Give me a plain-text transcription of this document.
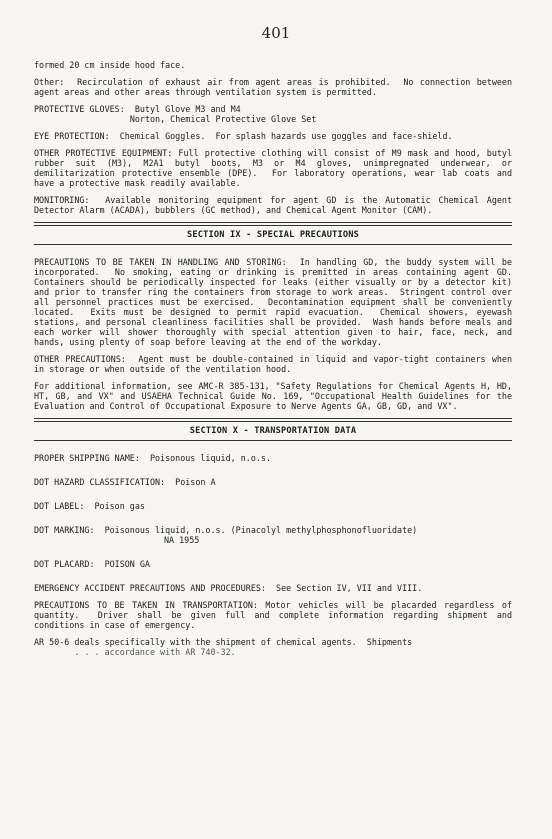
401

formed 20 cm inside hood face.

Other:  Recirculation of exhaust air from agent areas is prohibited.  No connection between agent areas and other areas through ventilation system is permitted.

PROTECTIVE GLOVES:  Butyl Glove M3 and M4
Norton, Chemical Protective Glove Set

EYE PROTECTION:  Chemical Goggles.  For splash hazards use goggles and face-shield.

OTHER PROTECTIVE EQUIPMENT: Full protective clothing will consist of M9 mask and hood, butyl rubber suit (M3), M2A1 butyl boots, M3 or M4 gloves, unimpregnated underwear, or demilitarization protective ensemble (DPE).  For laboratory operations, wear lab coats and have a protective mask readily available.

MONITORING:  Available monitoring equipment for agent GD is the Automatic Chemical Agent Detector Alarm (ACADA), bubblers (GC method), and Chemical Agent Monitor (CAM).

SECTION IX - SPECIAL PRECAUTIONS

PRECAUTIONS TO BE TAKEN IN HANDLING AND STORING:  In handling GD, the buddy system will be incorporated.  No smoking, eating or drinking is premitted in areas containing agent GD.  Containers should be periodically inspected for leaks (either visually or by a detector kit) and prior to transfer ring the containers from storage to work areas.  Stringent control over all personnel practices must be exercised.  Decontamination equipment shall be conveniently located.  Exits must be designed to permit rapid evacuation.  Chemical showers, eyewash stations, and personal cleanliness facilities shall be provided.  Wash hands before meals and each worker will shower thoroughly with special attention given to hair, face, neck, and hands, using plenty of soap before leaving at the end of the workday.

OTHER PRECAUTIONS:  Agent must be double-contained in liquid and vapor-tight containers when in storage or when outside of the ventilation hood.

For additional information, see AMC-R 385-131, "Safety Regulations for Chemical Agents H, HD, HT, GB, and VX" and USAEHA Technical Guide No. 169, "Occupational Health Guidelines for the Evaluation and Control of Occupational Exposure to Nerve Agents GA, GB, GD, and VX".

SECTION X - TRANSPORTATION DATA

PROPER SHIPPING NAME:  Poisonous liquid, n.o.s.

DOT HAZARD CLASSIFICATION:  Poison A

DOT LABEL:  Poison gas

DOT MARKING:  Poisonous liquid, n.o.s. (Pinacolyl methylphosphonofluoridate)

NA 1955

DOT PLACARD:  POISON GA

EMERGENCY ACCIDENT PRECAUTIONS AND PROCEDURES:  See Section IV, VII and VIII.

PRECAUTIONS TO BE TAKEN IN TRANSPORTATION: Motor vehicles will be placarded regardless of quantity.  Driver shall be given full and complete information regarding shipment and conditions in case of emergency.

AR 50-6 deals specifically with the shipment of chemical agents.  Shipments

. . . accordance with AR 740-32.
